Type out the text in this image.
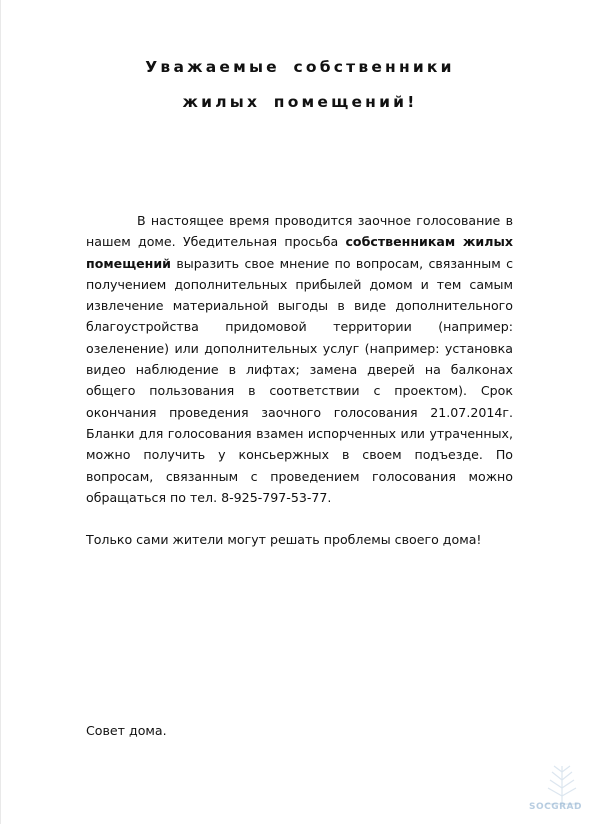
Уважаемые собственники
жилых помещений!

В настоящее время проводится заочное голосование в нашем доме. Убедительная просьба собственникам жилых помещений выразить свое мнение по вопросам, связанным с получением дополнительных прибылей домом и тем самым извлечение материальной выгоды в виде дополнительного благоустройства придомовой территории (например: озеленение) или дополнительных услуг (например: установка видео наблюдение в лифтах; замена дверей на балконах общего пользования в соответствии с проектом). Срок окончания проведения заочного голосования 21.07.2014г. Бланки для голосования взамен испорченных или утраченных, можно получить у консьержных в своем подъезде. По вопросам, связанным с проведением голосования можно обращаться по тел. 8-925-797-53-77.

Только сами жители могут решать проблемы своего дома!

Совет дома.

SOCGRAD
